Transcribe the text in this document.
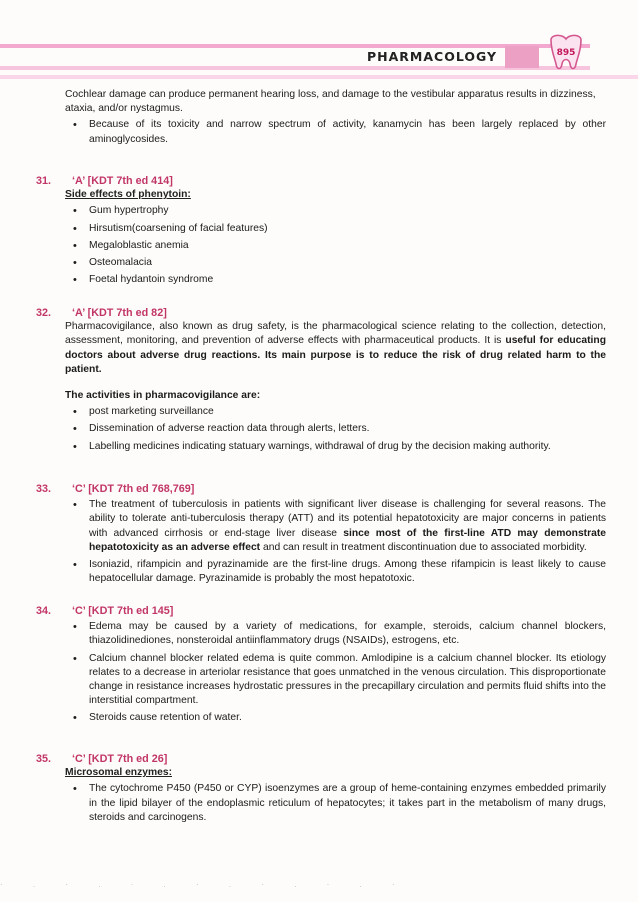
PHARMACOLOGY	895

Cochlear damage can produce permanent hearing loss, and damage to the vestibular apparatus results in dizziness, ataxia, and/or nystagmus.

• Because of its toxicity and narrow spectrum of activity, kanamycin has been largely replaced by other aminoglycosides.
31. ‘A’ [KDT 7th ed 414]

Side effects of phenytoin:

• Gum hypertrophy
• Hirsutism(coarsening of facial features)
• Megaloblastic anemia
• Osteomalacia
• Foetal hydantoin syndrome
32. ‘A’ [KDT 7th ed 82]

Pharmacovigilance, also known as drug safety, is the pharmacological science relating to the collection, detection, assessment, monitoring, and prevention of adverse effects with pharmaceutical products. It is useful for educating doctors about adverse drug reactions. Its main purpose is to reduce the risk of drug related harm to the patient.

The activities in pharmacovigilance are:

• post marketing surveillance
• Dissemination of adverse reaction data through alerts, letters.
• Labelling medicines indicating statuary warnings, withdrawal of drug by the decision making authority.
33. ‘C’ [KDT 7th ed 768,769]
• The treatment of tuberculosis in patients with significant liver disease is challenging for several reasons. The ability to tolerate anti-tuberculosis therapy (ATT) and its potential hepatotoxicity are major concerns in patients with advanced cirrhosis or end-stage liver disease since most of the first-line ATD may demonstrate hepatotoxicity as an adverse effect and can result in treatment discontinuation due to associated morbidity.
• Isoniazid, rifampicin and pyrazinamide are the first-line drugs. Among these rifampicin is least likely to cause hepatocellular damage. Pyrazinamide is probably the most hepatotoxic.
34. ‘C’ [KDT 7th ed 145]
• Edema may be caused by a variety of medications, for example, steroids, calcium channel blockers, thiazolidinediones, nonsteroidal antiinflammatory drugs (NSAIDs), estrogens, etc.
• Calcium channel blocker related edema is quite common. Amlodipine is a calcium channel blocker. Its etiology relates to a decrease in arteriolar resistance that goes unmatched in the venous circulation. This disproportionate change in resistance increases hydrostatic pressures in the precapillary circulation and permits fluid shifts into the interstitial compartment.
• Steroids cause retention of water.
35. ‘C’ [KDT 7th ed 26]

Microsomal enzymes:

• The cytochrome P450 (P450 or CYP) isoenzymes are a group of heme-containing enzymes embedded primarily in the lipid bilayer of the endoplasmic reticulum of hepatocytes; it takes part in the metabolism of many drugs, steroids and carcinogens.
· . · . · . · . · . · . ·
